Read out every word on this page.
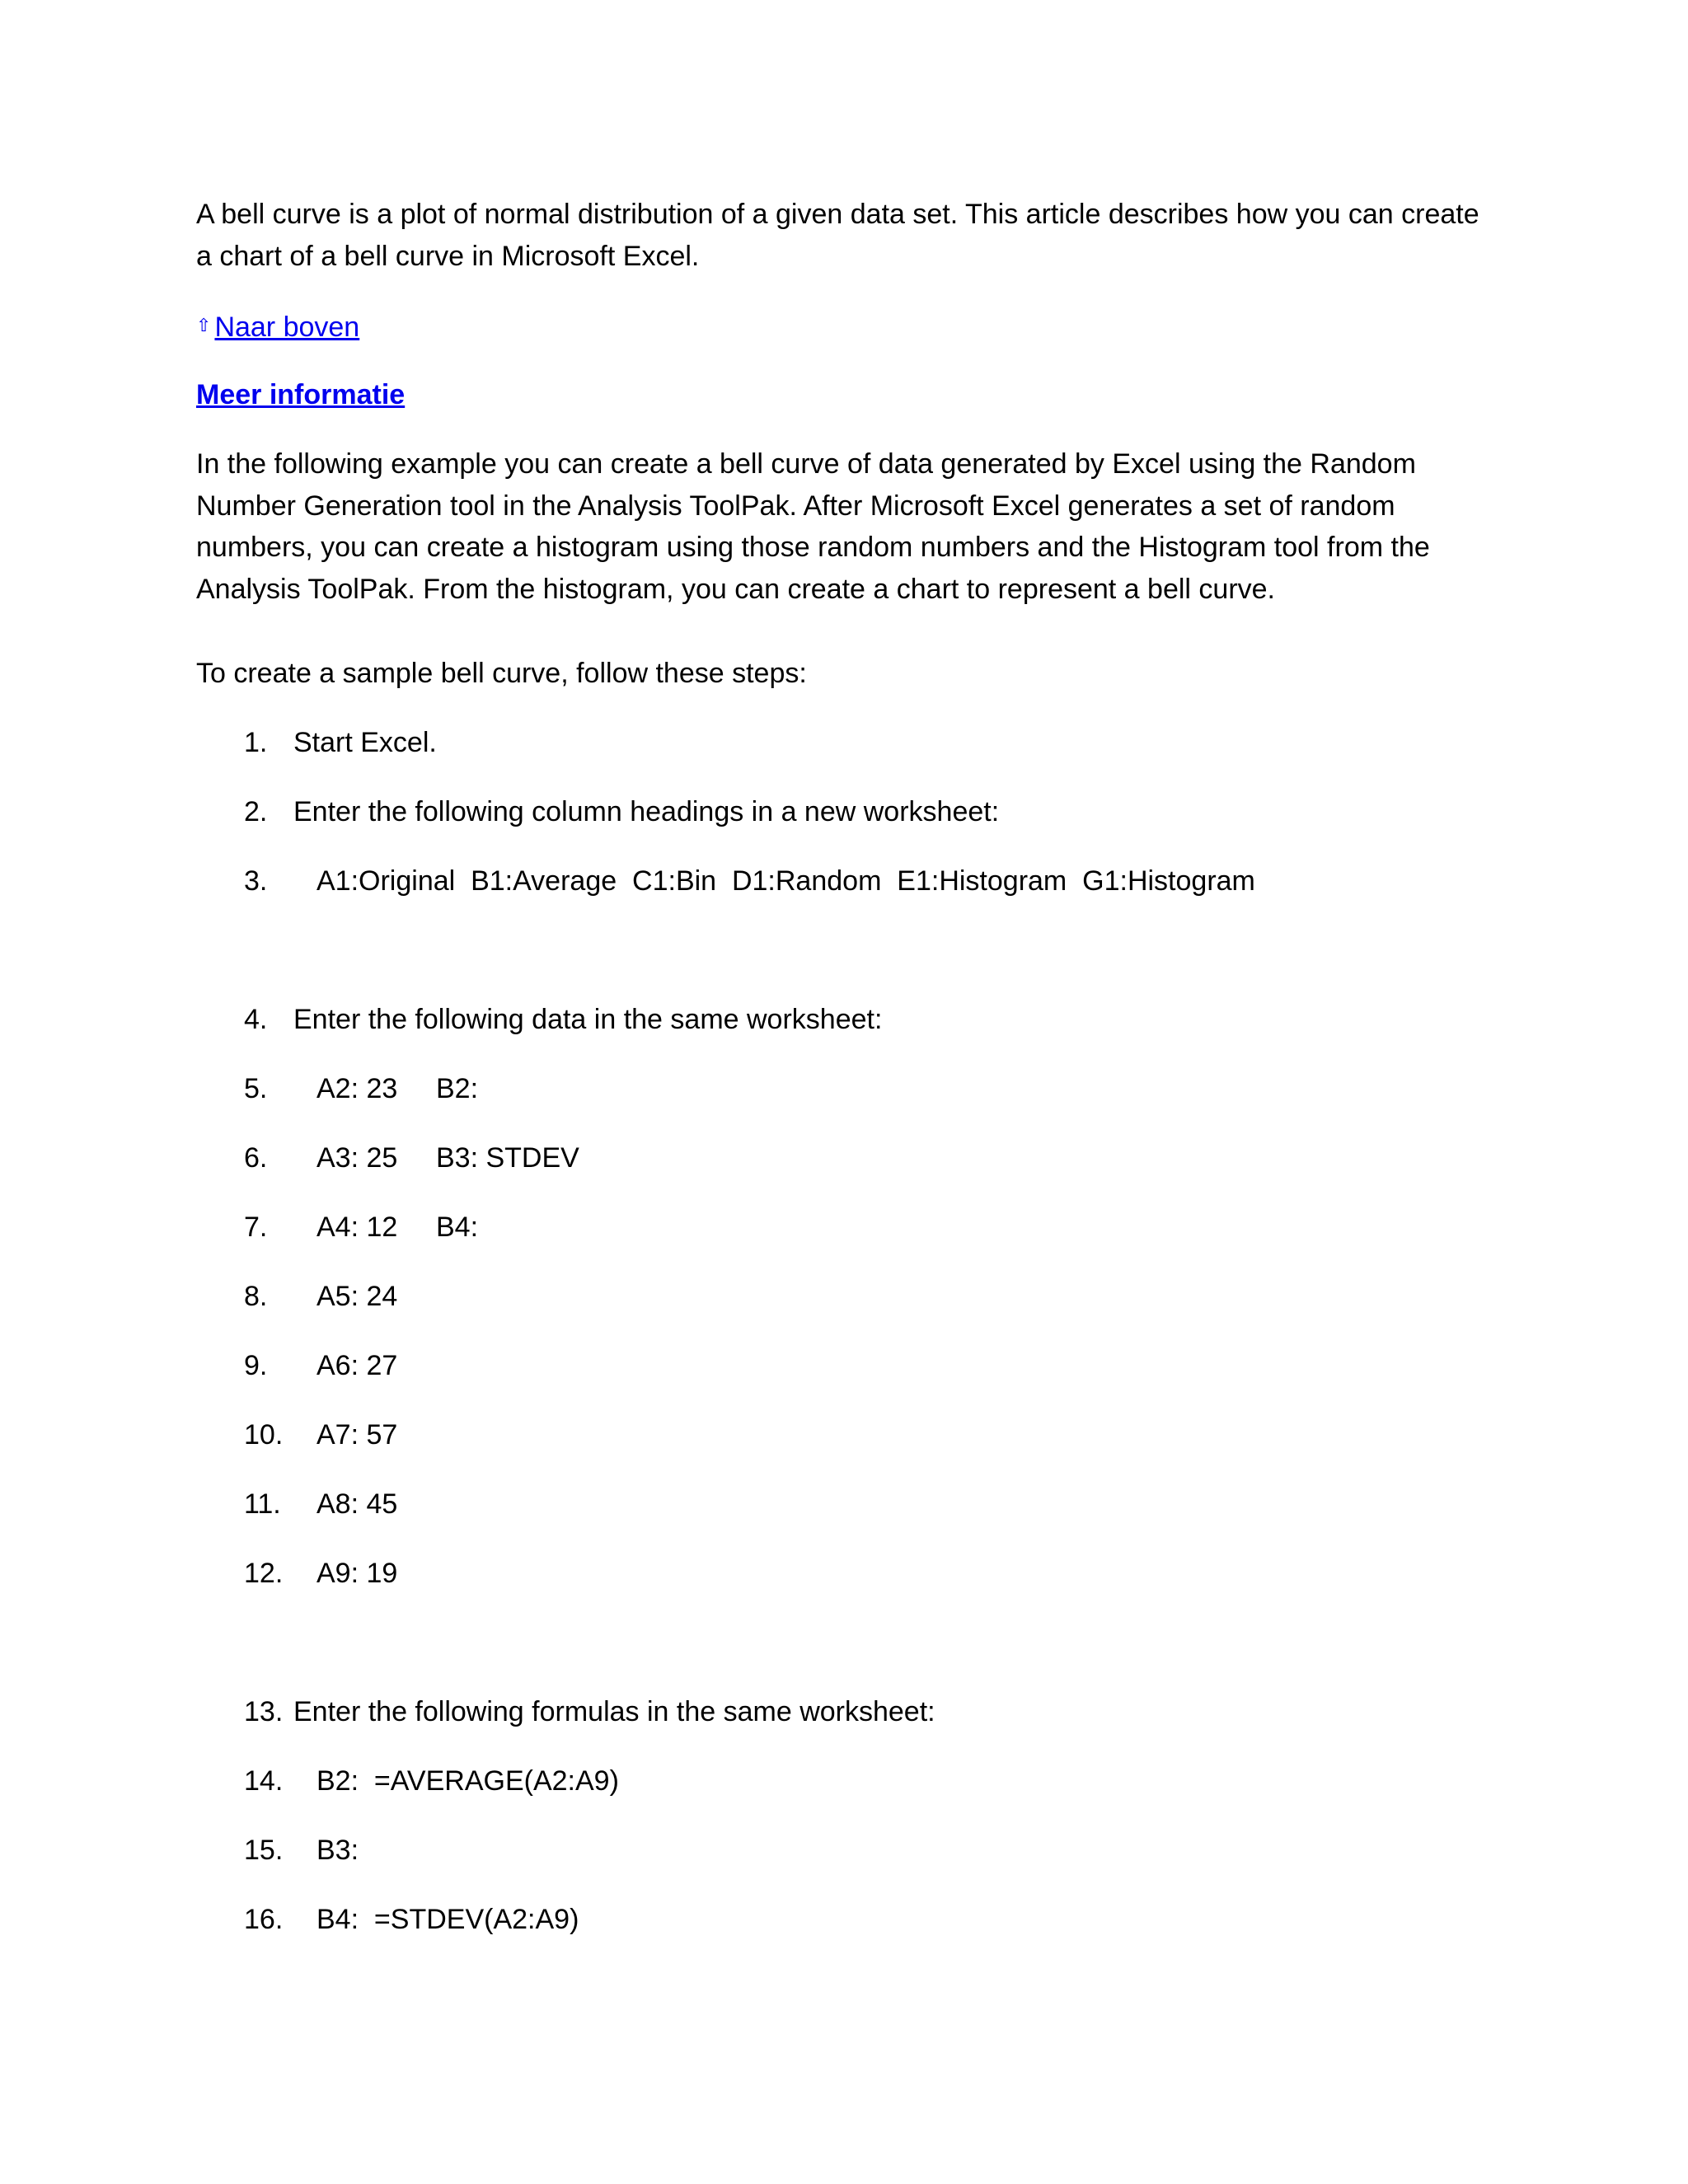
A bell curve is a plot of normal distribution of a given data set. This article describes how you can create
a chart of a bell curve in Microsoft Excel.
⇧ Naar boven
Meer informatie
In the following example you can create a bell curve of data generated by Excel using the Random
Number Generation tool in the Analysis ToolPak. After Microsoft Excel generates a set of random
numbers, you can create a histogram using those random numbers and the Histogram tool from the
Analysis ToolPak. From the histogram, you can create a chart to represent a bell curve.
To create a sample bell curve, follow these steps:
1. Start Excel.
2. Enter the following column headings in a new worksheet:
3. A1:Original  B1:Average  C1:Bin  D1:Random  E1:Histogram  G1:Histogram
4. Enter the following data in the same worksheet:
5. A2: 23 B2:
6. A3: 25 B3: STDEV
7. A4: 12 B4:
8. A5: 24
9. A6: 27
10. A7: 57
11. A8: 45
12. A9: 19
13. Enter the following formulas in the same worksheet:
14. B2:  =AVERAGE(A2:A9)
15. B3:
16. B4:  =STDEV(A2:A9)
